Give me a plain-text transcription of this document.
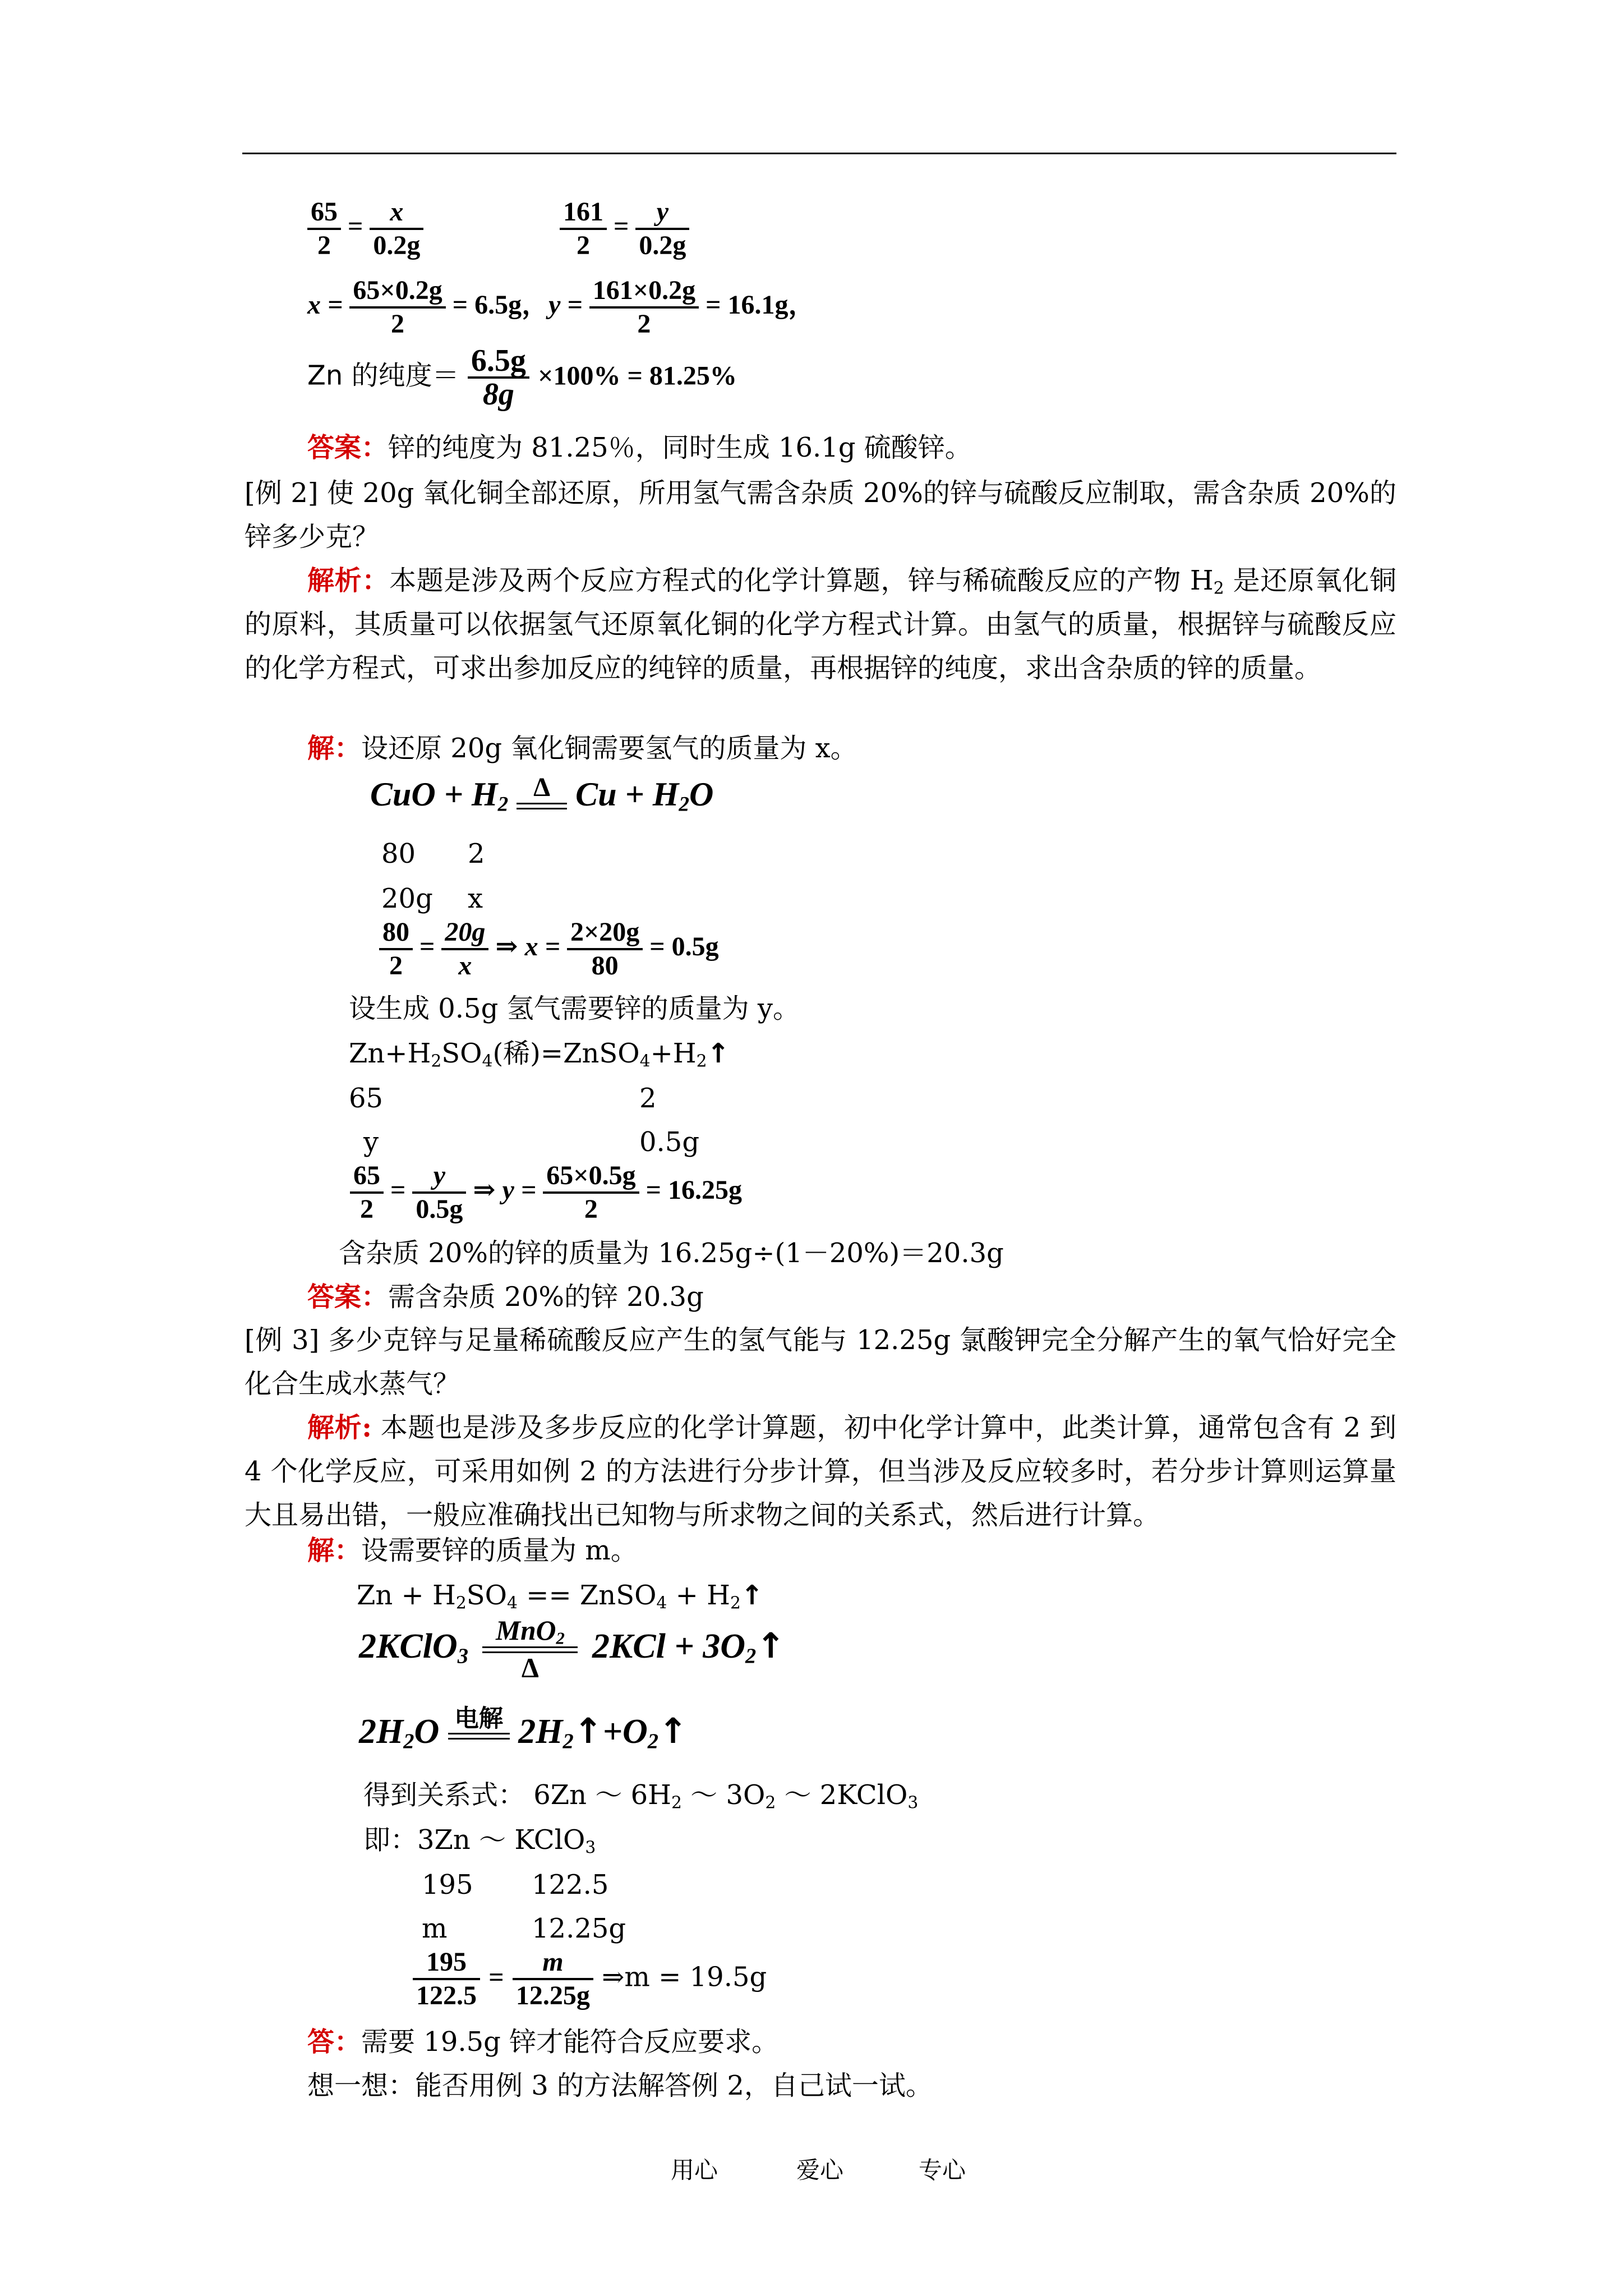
$\frac{65}{2} = \frac{x}{0.2g}$	$\frac{161}{2} = \frac{y}{0.2g}$
$x = \frac{65\times 0.2g}{2} = 6.5g$，$y = \frac{161\times 0.2g}{2} = 16.1g$，
Zn 的纯度＝ $\frac{6.5g}{8g} \times 100\% = 81.25\%$
答案：锌的纯度为 81.25％，同时生成 16.1g 硫酸锌。
[例 2] 使 20g 氧化铜全部还原，所用氢气需含杂质 20%的锌与硫酸反应制取，需含杂质 20%的锌多少克？
解析：本题是涉及两个反应方程式的化学计算题，锌与稀硫酸反应的产物 $H_2$ 是还原氧化铜的原料，其质量可以依据氢气还原氧化铜的化学方程式计算。由氢气的质量，根据锌与硫酸反应的化学方程式，可求出参加反应的纯锌的质量，再根据锌的纯度，求出含杂质的锌的质量。
解：设还原 20g 氧化铜需要氢气的质量为 x。
CuO + $H_2$
Δ $Cu + H_2O$
80 2
20g x
$\frac{80}{2} = \frac{20g}{x}$ ⇒ $x = \frac{2\times 20g}{80} = 0.5g$
设生成 0.5g 氢气需要锌的质量为 y。
$Zn+H_2SO_4$(稀)$=ZnSO_4+H_2↑$
65	2
y	0.5g
$\frac{65}{2} = \frac{y}{0.5g}$ ⇒ $y = \frac{65\times 0.5g}{2} = 16.25g$
含杂质 20%的锌的质量为 16.25g÷(1－20%)＝20.3g
答案：需含杂质 20%的锌 20.3g
[例 3] 多少克锌与足量稀硫酸反应产生的氢气能与 12.25g 氯酸钾完全分解产生的氧气恰好完全化合生成水蒸气？
解析: 本题也是涉及多步反应的化学计算题，初中化学计算中，此类计算，通常包含有 2 到 4 个化学反应，可采用如例 2 的方法进行分步计算，但当涉及反应较多时，若分步计算则运算量大且易出错，一般应准确找出已知物与所求物之间的关系式，然后进行计算。
解：设需要锌的质量为 m。
$Zn + H_2SO_4$ == ZnSO$_4$ + $H_2↑$
2KClO$_3$
MnO$_2$
Δ
$2KCl + 3O_2↑$
$2H_2O$ 电解 $2H_2↑+O_2↑$
得到关系式： 6Zn ～ $6H_2$ ～ $3O_2$ ～ 2KClO$_3$
即：3Zn ～ KClO$_3$
195 122.5
m	12.25g
$\frac{195}{122.5} = \frac{m}{12.25g}$ ⇒m = 19.5g
答：需要 19.5g 锌才能符合反应要求。
想一想：能否用例 3 的方法解答例 2，自己试一试。
用心	爱心	专心
